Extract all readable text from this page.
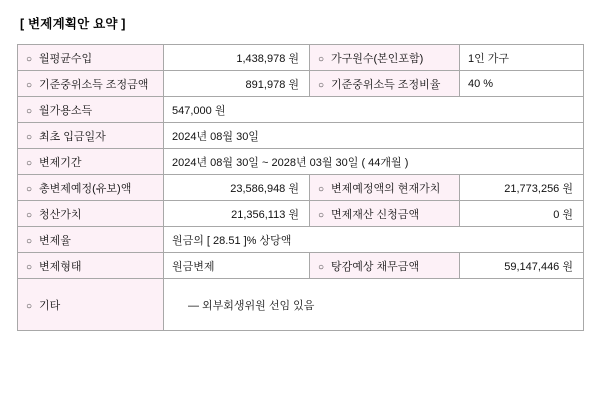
[ 변제계획안 요약 ]
○ 월평균수입	1,438,978 원	○ 가구원수(본인포함)	1인 가구
○ 기준중위소득 조정금액	891,978 원	○ 기준중위소득 조정비율	40 %
○ 월가용소득	547,000 원		
○ 최초 입금일자	2024년 08월 30일		
○ 변제기간	2024년 08월 30일 ~ 2028년 03월 30일 ( 44개월 )		
○ 총변제예정(유보)액	23,586,948 원	○ 변제예정액의 현재가치	21,773,256 원
○ 청산가치	21,356,113 원	○ 면제재산 신청금액	0 원
○ 변제율	원금의 [ 28.51 ]% 상당액		
○ 변제형태	원금변제	○ 탕감예상 채무금액	59,147,446 원
○ 기타	— 외부회생위원 선임 있음		
